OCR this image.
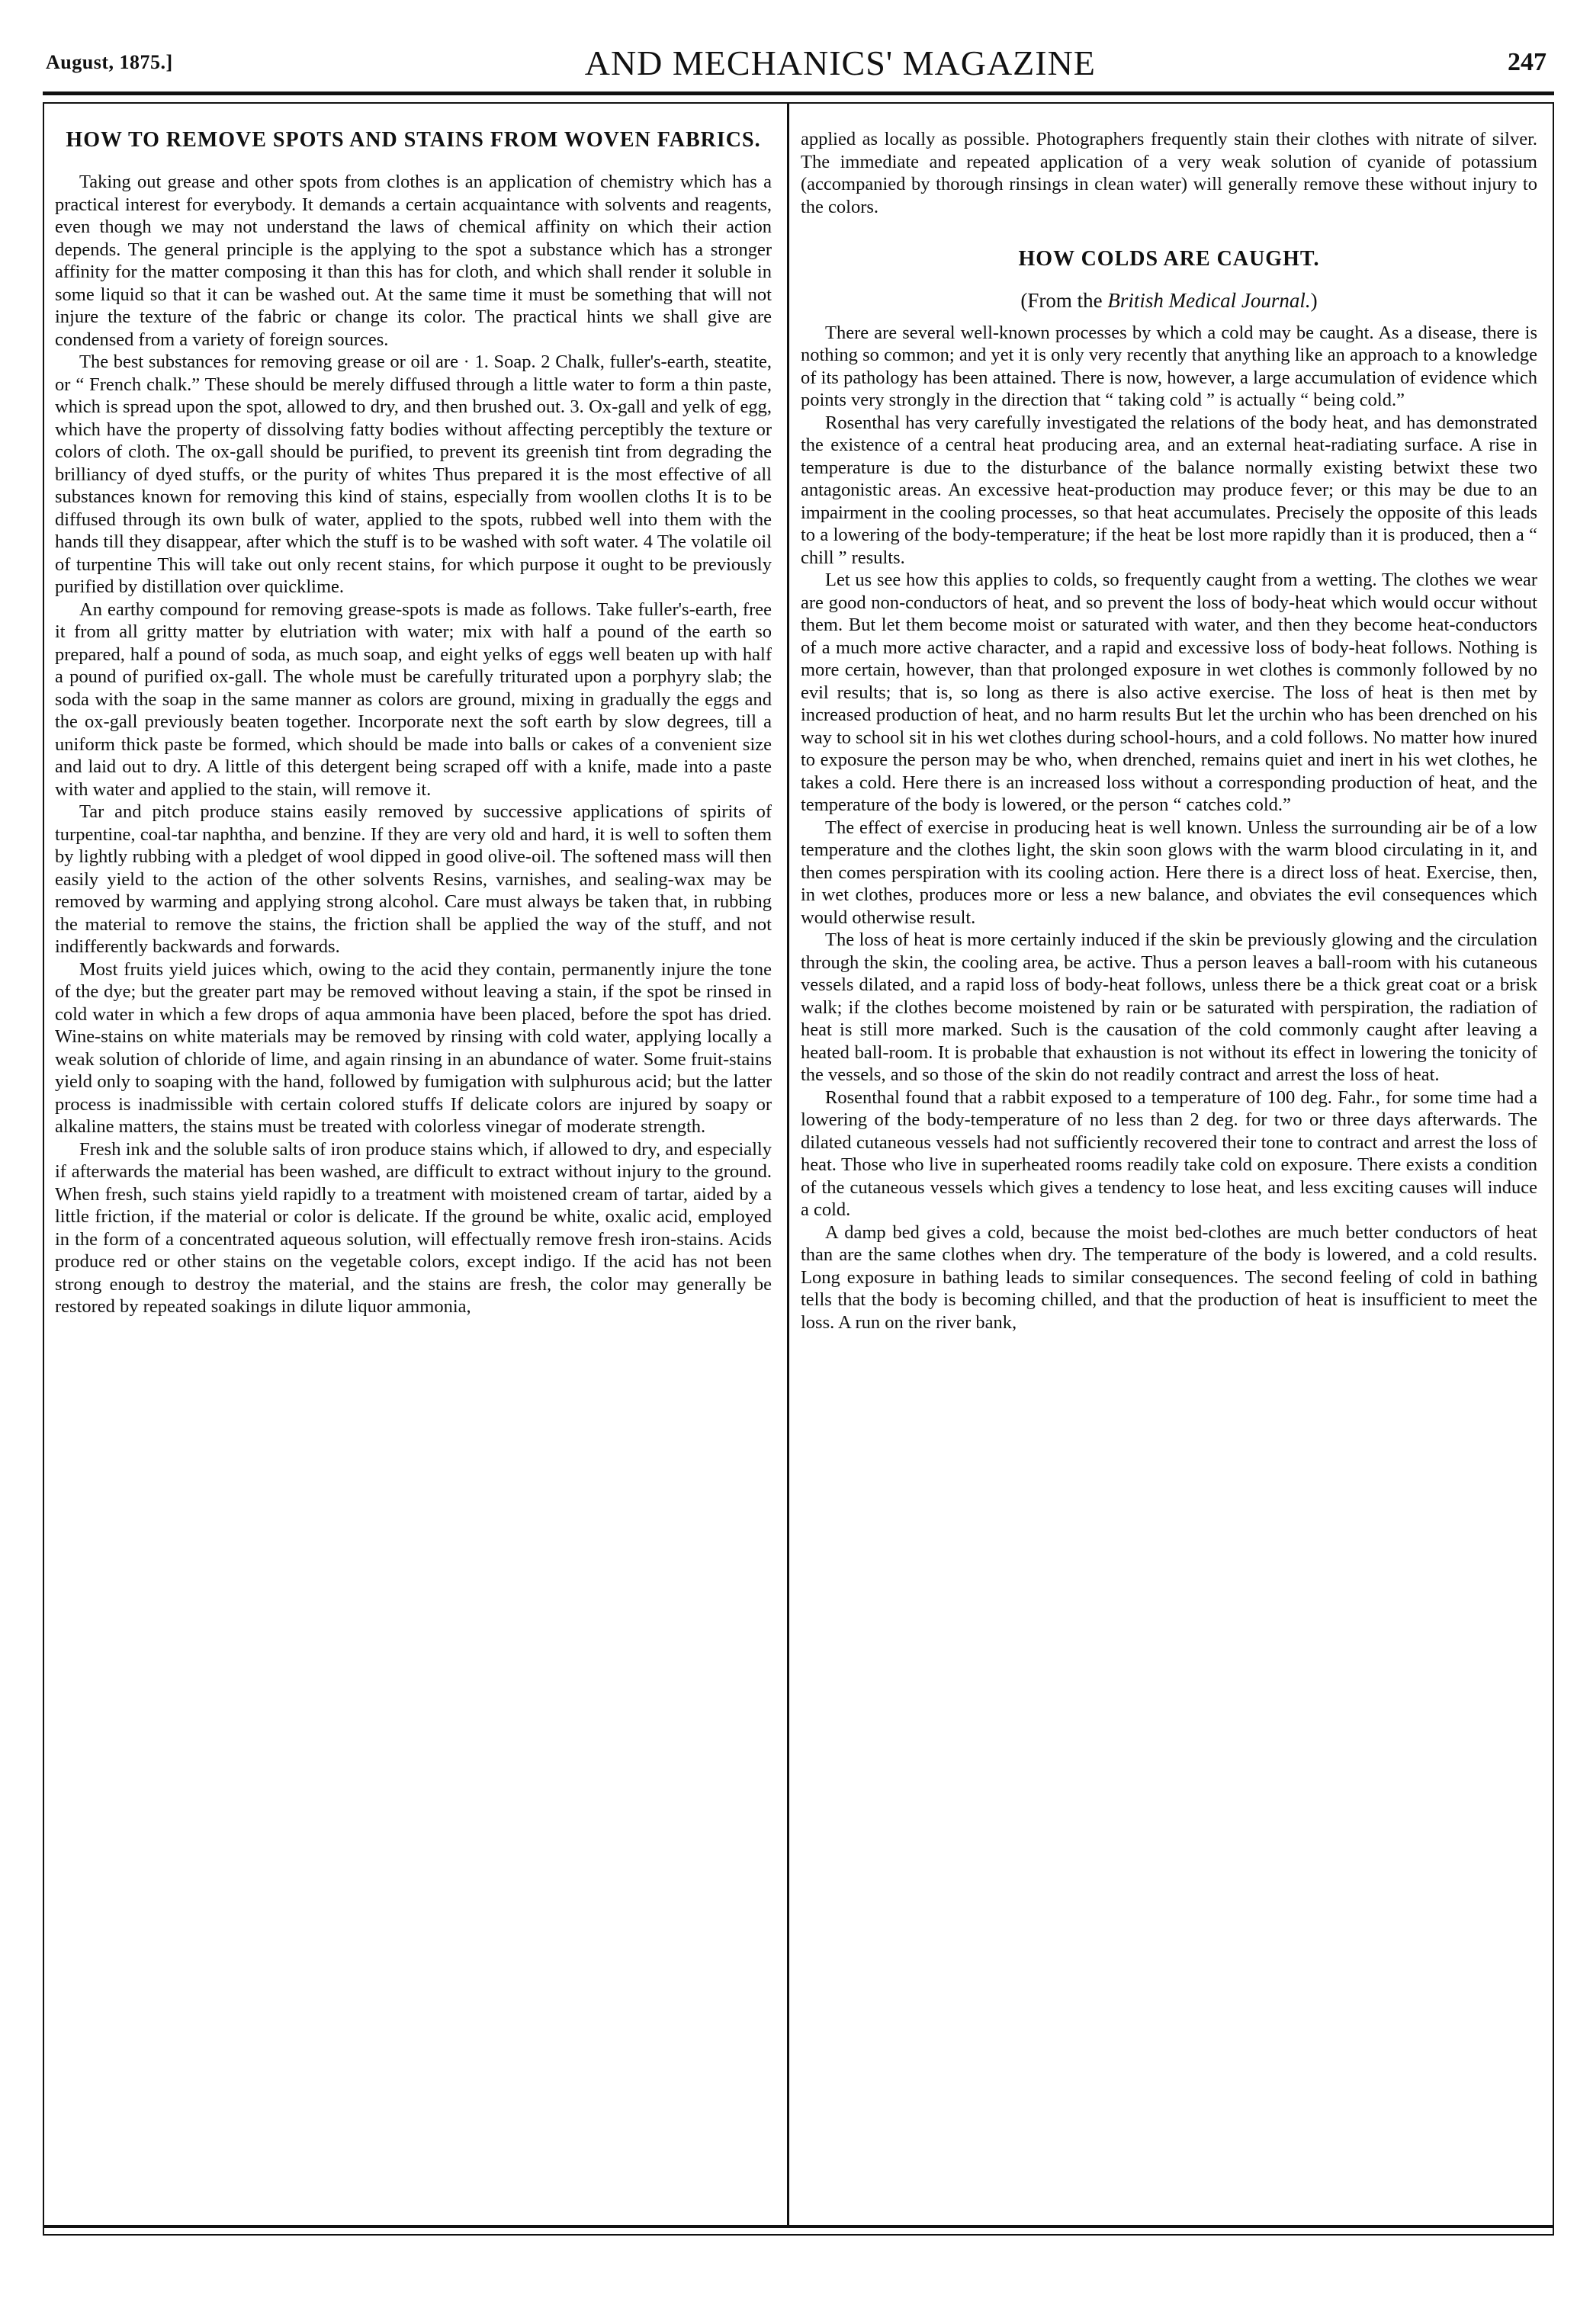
August, 1875.]	AND MECHANICS' MAGAZINE	247
HOW TO REMOVE SPOTS AND STAINS FROM WOVEN FABRICS.

Taking out grease and other spots from clothes is an application of chemistry which has a practical interest for everybody. It demands a certain acquaintance with solvents and reagents, even though we may not understand the laws of chemical affinity on which their action depends. The general principle is the applying to the spot a substance which has a stronger affinity for the matter composing it than this has for cloth, and which shall render it soluble in some liquid so that it can be washed out. At the same time it must be something that will not injure the texture of the fabric or change its color. The practical hints we shall give are condensed from a variety of foreign sources.

The best substances for removing grease or oil are · 1. Soap. 2 Chalk, fuller's-earth, steatite, or “ French chalk.” These should be merely diffused through a little water to form a thin paste, which is spread upon the spot, allowed to dry, and then brushed out. 3. Ox-gall and yelk of egg, which have the property of dissolving fatty bodies without affecting perceptibly the texture or colors of cloth. The ox-gall should be purified, to prevent its greenish tint from degrading the brilliancy of dyed stuffs, or the purity of whites Thus prepared it is the most effective of all substances known for removing this kind of stains, especially from woollen cloths It is to be diffused through its own bulk of water, applied to the spots, rubbed well into them with the hands till they disappear, after which the stuff is to be washed with soft water. 4 The volatile oil of turpentine This will take out only recent stains, for which purpose it ought to be previously purified by distillation over quicklime.

An earthy compound for removing grease-spots is made as follows. Take fuller's-earth, free it from all gritty matter by elutriation with water; mix with half a pound of the earth so prepared, half a pound of soda, as much soap, and eight yelks of eggs well beaten up with half a pound of purified ox-gall. The whole must be carefully triturated upon a porphyry slab; the soda with the soap in the same manner as colors are ground, mixing in gradually the eggs and the ox-gall previously beaten together. Incorporate next the soft earth by slow degrees, till a uniform thick paste be formed, which should be made into balls or cakes of a convenient size and laid out to dry. A little of this detergent being scraped off with a knife, made into a paste with water and applied to the stain, will remove it.

Tar and pitch produce stains easily removed by successive applications of spirits of turpentine, coal-tar naphtha, and benzine. If they are very old and hard, it is well to soften them by lightly rubbing with a pledget of wool dipped in good olive-oil. The softened mass will then easily yield to the action of the other solvents Resins, varnishes, and sealing-wax may be removed by warming and applying strong alcohol. Care must always be taken that, in rubbing the material to remove the stains, the friction shall be applied the way of the stuff, and not indifferently backwards and forwards.

Most fruits yield juices which, owing to the acid they contain, permanently injure the tone of the dye; but the greater part may be removed without leaving a stain, if the spot be rinsed in cold water in which a few drops of aqua ammonia have been placed, before the spot has dried. Wine-stains on white materials may be removed by rinsing with cold water, applying locally a weak solution of chloride of lime, and again rinsing in an abundance of water. Some fruit-stains yield only to soaping with the hand, followed by fumigation with sulphurous acid; but the latter process is inadmissible with certain colored stuffs If delicate colors are injured by soapy or alkaline matters, the stains must be treated with colorless vinegar of moderate strength.

Fresh ink and the soluble salts of iron produce stains which, if allowed to dry, and especially if afterwards the material has been washed, are difficult to extract without injury to the ground. When fresh, such stains yield rapidly to a treatment with moistened cream of tartar, aided by a little friction, if the material or color is delicate. If the ground be white, oxalic acid, employed in the form of a concentrated aqueous solution, will effectually remove fresh iron-stains. Acids produce red or other stains on the vegetable colors, except indigo. If the acid has not been strong enough to destroy the material, and the stains are fresh, the color may generally be restored by repeated soakings in dilute liquor ammonia,

applied as locally as possible. Photographers frequently stain their clothes with nitrate of silver. The immediate and repeated application of a very weak solution of cyanide of potassium (accompanied by thorough rinsings in clean water) will generally remove these without injury to the colors.

HOW COLDS ARE CAUGHT.
(From the British Medical Journal.)

There are several well-known processes by which a cold may be caught. As a disease, there is nothing so common; and yet it is only very recently that anything like an approach to a knowledge of its pathology has been attained. There is now, however, a large accumulation of evidence which points very strongly in the direction that “ taking cold ” is actually “ being cold.”

Rosenthal has very carefully investigated the relations of the body heat, and has demonstrated the existence of a central heat producing area, and an external heat-radiating surface. A rise in temperature is due to the disturbance of the balance normally existing betwixt these two antagonistic areas. An excessive heat-production may produce fever; or this may be due to an impairment in the cooling processes, so that heat accumulates. Precisely the opposite of this leads to a lowering of the body-temperature; if the heat be lost more rapidly than it is produced, then a “ chill ” results.

Let us see how this applies to colds, so frequently caught from a wetting. The clothes we wear are good non-conductors of heat, and so prevent the loss of body-heat which would occur without them. But let them become moist or saturated with water, and then they become heat-conductors of a much more active character, and a rapid and excessive loss of body-heat follows. Nothing is more certain, however, than that prolonged exposure in wet clothes is commonly followed by no evil results; that is, so long as there is also active exercise. The loss of heat is then met by increased production of heat, and no harm results But let the urchin who has been drenched on his way to school sit in his wet clothes during school-hours, and a cold follows. No matter how inured to exposure the person may be who, when drenched, remains quiet and inert in his wet clothes, he takes a cold. Here there is an increased loss without a corresponding production of heat, and the temperature of the body is lowered, or the person “ catches cold.”

The effect of exercise in producing heat is well known. Unless the surrounding air be of a low temperature and the clothes light, the skin soon glows with the warm blood circulating in it, and then comes perspiration with its cooling action. Here there is a direct loss of heat. Exercise, then, in wet clothes, produces more or less a new balance, and obviates the evil consequences which would otherwise result.

The loss of heat is more certainly induced if the skin be previously glowing and the circulation through the skin, the cooling area, be active. Thus a person leaves a ball-room with his cutaneous vessels dilated, and a rapid loss of body-heat follows, unless there be a thick great coat or a brisk walk; if the clothes become moistened by rain or be saturated with perspiration, the radiation of heat is still more marked. Such is the causation of the cold commonly caught after leaving a heated ball-room. It is probable that exhaustion is not without its effect in lowering the tonicity of the vessels, and so those of the skin do not readily contract and arrest the loss of heat.

Rosenthal found that a rabbit exposed to a temperature of 100 deg. Fahr., for some time had a lowering of the body-temperature of no less than 2 deg. for two or three days afterwards. The dilated cutaneous vessels had not sufficiently recovered their tone to contract and arrest the loss of heat. Those who live in superheated rooms readily take cold on exposure. There exists a condition of the cutaneous vessels which gives a tendency to lose heat, and less exciting causes will induce a cold.

A damp bed gives a cold, because the moist bed-clothes are much better conductors of heat than are the same clothes when dry. The temperature of the body is lowered, and a cold results. Long exposure in bathing leads to similar consequences. The second feeling of cold in bathing tells that the body is becoming chilled, and that the production of heat is insufficient to meet the loss. A run on the river bank,
